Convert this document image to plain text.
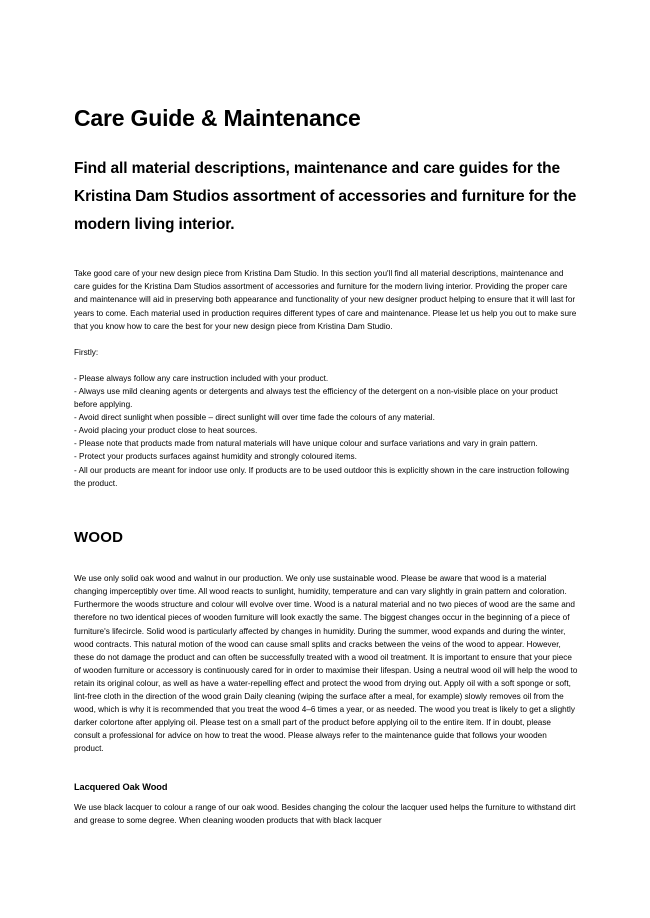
Care Guide & Maintenance
Find all material descriptions, maintenance and care guides for the Kristina Dam Studios assortment of accessories and furniture for the modern living interior.

Take good care of your new design piece from Kristina Dam Studio. In this section you'll find all material descriptions, maintenance and care guides for the Kristina Dam Studios assortment of accessories and furniture for the modern living interior. Providing the proper care and maintenance will aid in preserving both appearance and functionality of your new designer product helping to ensure that it will last for years to come. Each material used in production requires different types of care and maintenance. Please let us help you out to make sure that you know how to care the best for your new design piece from Kristina Dam Studio.

Firstly:

- Please always follow any care instruction included with your product.

- Always use mild cleaning agents or detergents and always test the efficiency of the detergent on a non-visible place on your product before applying.

- Avoid direct sunlight when possible – direct sunlight will over time fade the colours of any material.

- Avoid placing your product close to heat sources.

- Please note that products made from natural materials will have unique colour and surface variations and vary in grain pattern.

- Protect your products surfaces against humidity and strongly coloured items.

- All our products are meant for indoor use only. If products are to be used outdoor this is explicitly shown in the care instruction following the product.

WOOD

We use only solid oak wood and walnut in our production. We only use sustainable wood. Please be aware that wood is a material changing imperceptibly over time. All wood reacts to sunlight, humidity, temperature and can vary slightly in grain pattern and coloration. Furthermore the woods structure and colour will evolve over time. Wood is a natural material and no two pieces of wood are the same and therefore no two identical pieces of wooden furniture will look exactly the same. The biggest changes occur in the beginning of a piece of furniture's lifecircle. Solid wood is particularly affected by changes in humidity. During the summer, wood expands and during the winter, wood contracts. This natural motion of the wood can cause small splits and cracks between the veins of the wood to appear. However, these do not damage the product and can often be successfully treated with a wood oil treatment. It is important to ensure that your piece of wooden furniture or accessory is continuously cared for in order to maximise their lifespan. Using a neutral wood oil will help the wood to retain its original colour, as well as have a water-repelling effect and protect the wood from drying out. Apply oil with a soft sponge or soft, lint-free cloth in the direction of the wood grain Daily cleaning (wiping the surface after a meal, for example) slowly removes oil from the wood, which is why it is recommended that you treat the wood 4–6 times a year, or as needed. The wood you treat is likely to get a slightly darker colortone after applying oil. Please test on a small part of the product before applying oil to the entire item. If in doubt, please consult a professional for advice on how to treat the wood. Please always refer to the maintenance guide that follows your wooden product.

Lacquered Oak Wood

We use black lacquer to colour a range of our oak wood. Besides changing the colour the lacquer used helps the furniture to withstand dirt and grease to some degree. When cleaning wooden products that with black lacquer
